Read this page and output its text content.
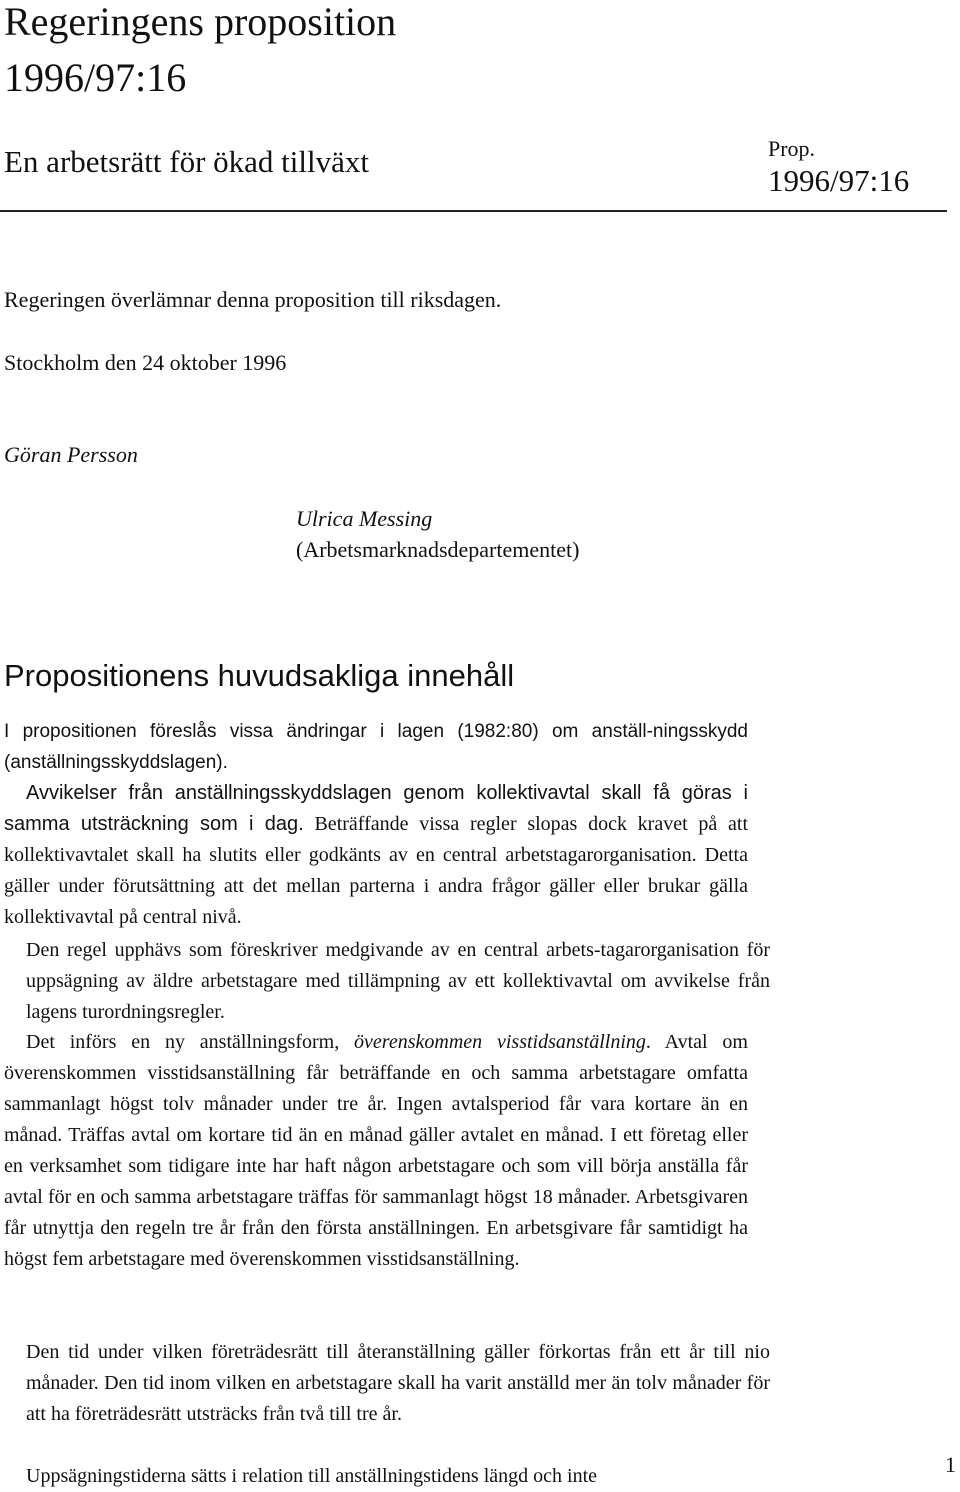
Regeringens proposition
1996/97:16
En arbetsrätt för ökad tillväxt	Prop.
1996/97:16
Regeringen överlämnar denna proposition till riksdagen.
Stockholm den 24 oktober 1996
Göran Persson
Ulrica Messing
(Arbetsmarknadsdepartementet)
Propositionens huvudsakliga innehåll
I propositionen föreslås vissa ändringar i lagen (1982:80) om anställ-ningsskydd (anställningsskyddslagen).
Avvikelser från anställningsskyddslagen genom kollektivavtal skall få göras i samma utsträckning som i dag. Beträffande vissa regler slopas dock kravet på att kollektivavtalet skall ha slutits eller godkänts av en central arbetstagarorganisation. Detta gäller under förutsättning att det mellan parterna i andra frågor gäller eller brukar gälla kollektivavtal på central nivå.
Den regel upphävs som föreskriver medgivande av en central arbets-tagarorganisation för uppsägning av äldre arbetstagare med tillämpning av ett kollektivavtal om avvikelse från lagens turordningsregler.
Det införs en ny anställningsform, överenskommen visstidsanställning. Avtal om överenskommen visstidsanställning får beträffande en och samma arbetstagare omfatta sammanlagt högst tolv månader under tre år. Ingen avtalsperiod får vara kortare än en månad. Träffas avtal om kortare tid än en månad gäller avtalet en månad. I ett företag eller en verksamhet som tidigare inte har haft någon arbetstagare och som vill börja anställa får avtal för en och samma arbetstagare träffas för sammanlagt högst 18 månader. Arbetsgivaren får utnyttja den regeln tre år från den första anställningen. En arbetsgivare får samtidigt ha högst fem arbetstagare med överenskommen visstidsanställning.
Den tid under vilken företrädesrätt till återanställning gäller förkortas från ett år till nio månader. Den tid inom vilken en arbetstagare skall ha varit anställd mer än tolv månader för att ha företrädesrätt utsträcks från två till tre år.
Uppsägningstiderna sätts i relation till anställningstidens längd och inte	1
